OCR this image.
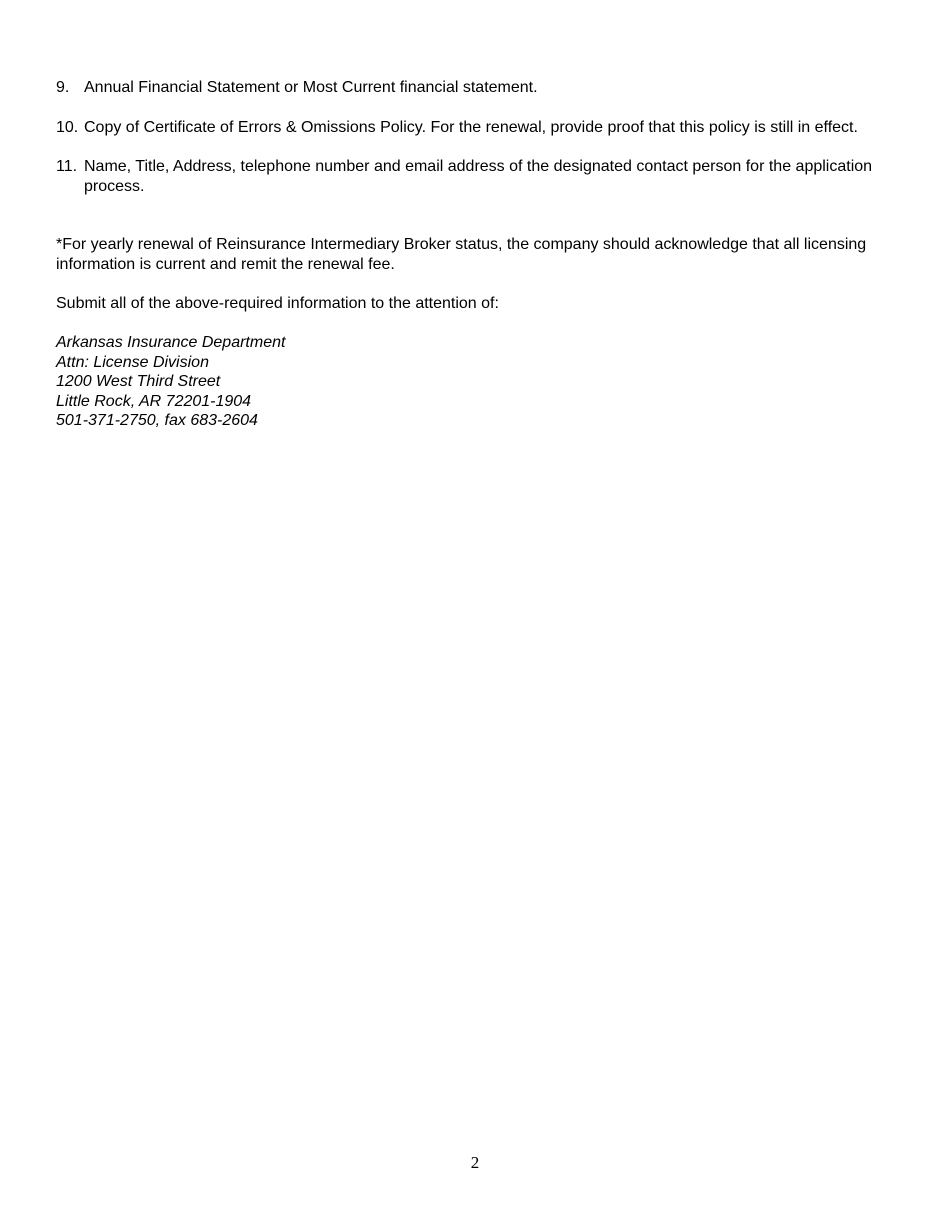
9. Annual Financial Statement or Most Current financial statement.
10. Copy of Certificate of Errors & Omissions Policy. For the renewal, provide proof that this policy is still in effect.
11. Name, Title, Address, telephone number and email address of the designated contact person for the application process.

*For yearly renewal of Reinsurance Intermediary Broker status, the company should acknowledge that all licensing information is current and remit the renewal fee.

Submit all of the above-required information to the attention of:

Arkansas Insurance Department
Attn: License Division
1200 West Third Street
Little Rock, AR 72201-1904
501-371-2750, fax 683-2604
2
